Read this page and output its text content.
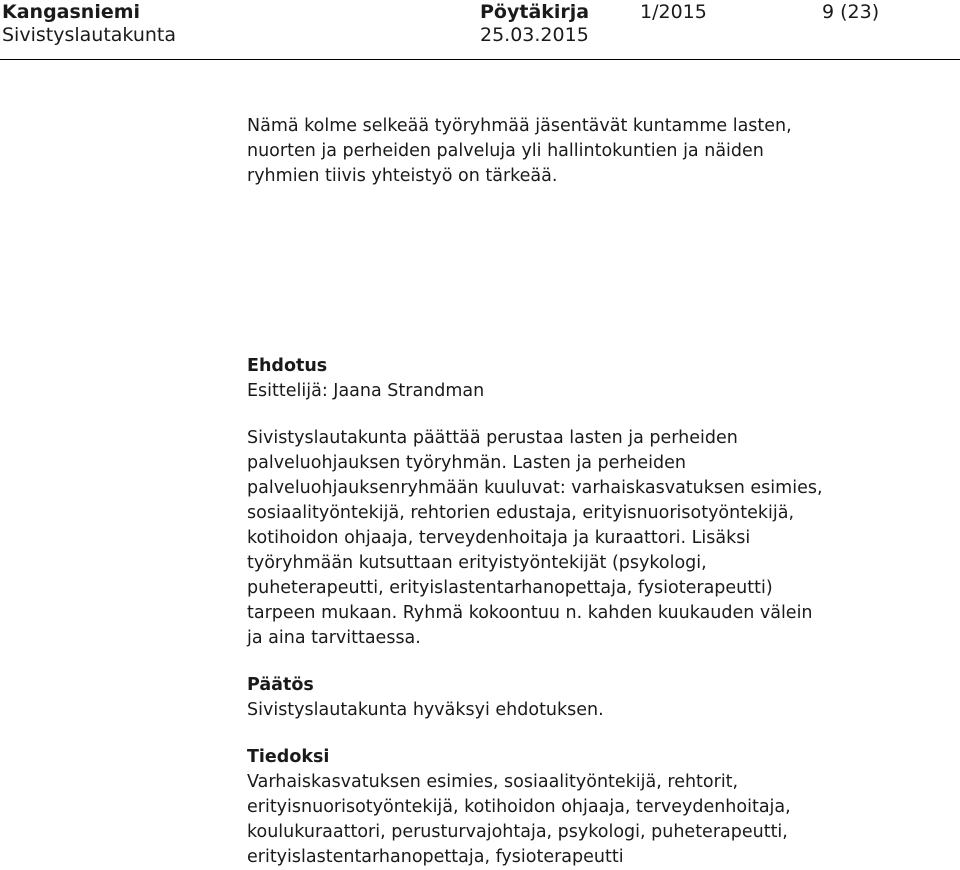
Kangasniemi	Pöytäkirja	1/2015	9 (23)
Sivistyslautakunta	25.03.2015

Nämä kolme selkeää työryhmää jäsentävät kuntamme lasten,
nuorten ja perheiden palveluja yli hallintokuntien ja näiden
ryhmien tiivis yhteistyö on tärkeää.

Ehdotus

Esittelijä: Jaana Strandman

Sivistyslautakunta päättää perustaa lasten ja perheiden
palveluohjauksen työryhmän. Lasten ja perheiden
palveluohjauksenryhmään kuuluvat: varhaiskasvatuksen esimies,
sosiaalityöntekijä, rehtorien edustaja, erityisnuorisotyöntekijä,
kotihoidon ohjaaja, terveydenhoitaja ja kuraattori. Lisäksi
työryhmään kutsuttaan erityistyöntekijät (psykologi,
puheterapeutti, erityislastentarhanopettaja, fysioterapeutti)
tarpeen mukaan. Ryhmä kokoontuu n. kahden kuukauden välein
ja aina tarvittaessa.

Päätös

Sivistyslautakunta hyväksyi ehdotuksen.

Tiedoksi

Varhaiskasvatuksen esimies, sosiaalityöntekijä, rehtorit,
erityisnuorisotyöntekijä, kotihoidon ohjaaja, terveydenhoitaja,
koulukuraattori, perusturvajohtaja, psykologi, puheterapeutti,
erityislastentarhanopettaja, fysioterapeutti
